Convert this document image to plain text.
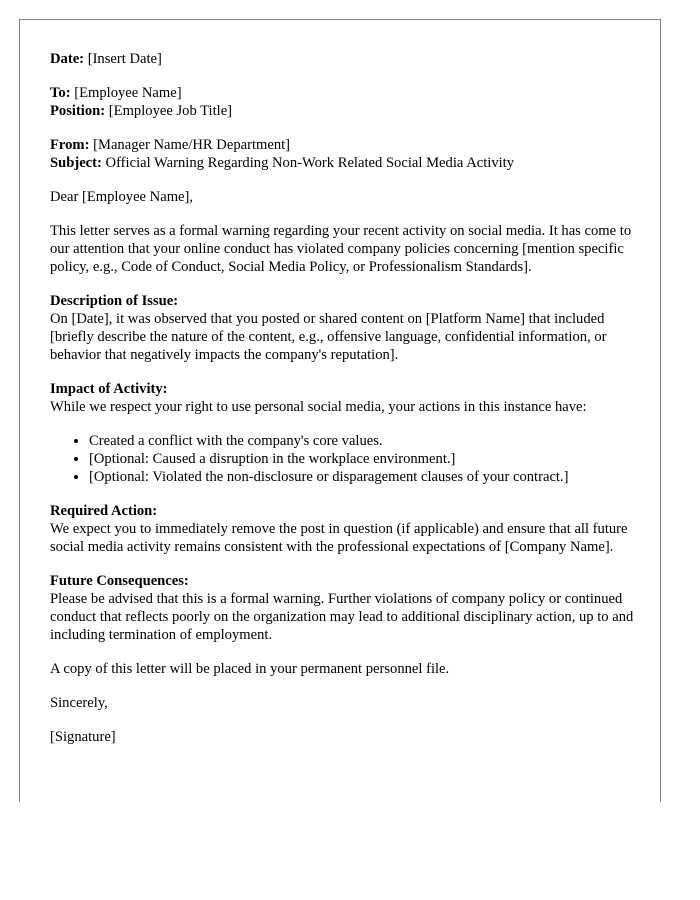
Date: [Insert Date]

To: [Employee Name]
Position: [Employee Job Title]

From: [Manager Name/HR Department]
Subject: Official Warning Regarding Non-Work Related Social Media Activity

Dear [Employee Name],

This letter serves as a formal warning regarding your recent activity on social media. It has come to our attention that your online conduct has violated company policies concerning [mention specific policy, e.g., Code of Conduct, Social Media Policy, or Professionalism Standards].

Description of Issue:
On [Date], it was observed that you posted or shared content on [Platform Name] that included [briefly describe the nature of the content, e.g., offensive language, confidential information, or behavior that negatively impacts the company's reputation].

Impact of Activity:
While we respect your right to use personal social media, your actions in this instance have:

• Created a conflict with the company's core values.
• [Optional: Caused a disruption in the workplace environment.]
• [Optional: Violated the non-disclosure or disparagement clauses of your contract.]

Required Action:
We expect you to immediately remove the post in question (if applicable) and ensure that all future social media activity remains consistent with the professional expectations of [Company Name].

Future Consequences:
Please be advised that this is a formal warning. Further violations of company policy or continued conduct that reflects poorly on the organization may lead to additional disciplinary action, up to and including termination of employment.

A copy of this letter will be placed in your permanent personnel file.

Sincerely,

[Signature]
